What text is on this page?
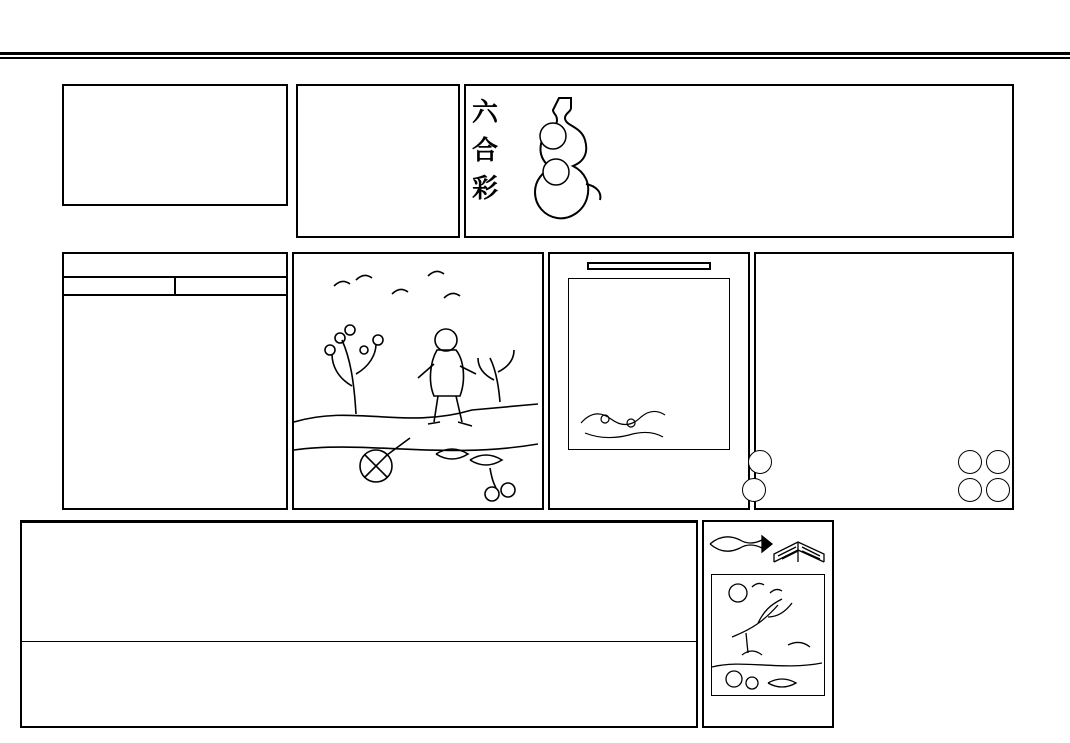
六
合
彩
